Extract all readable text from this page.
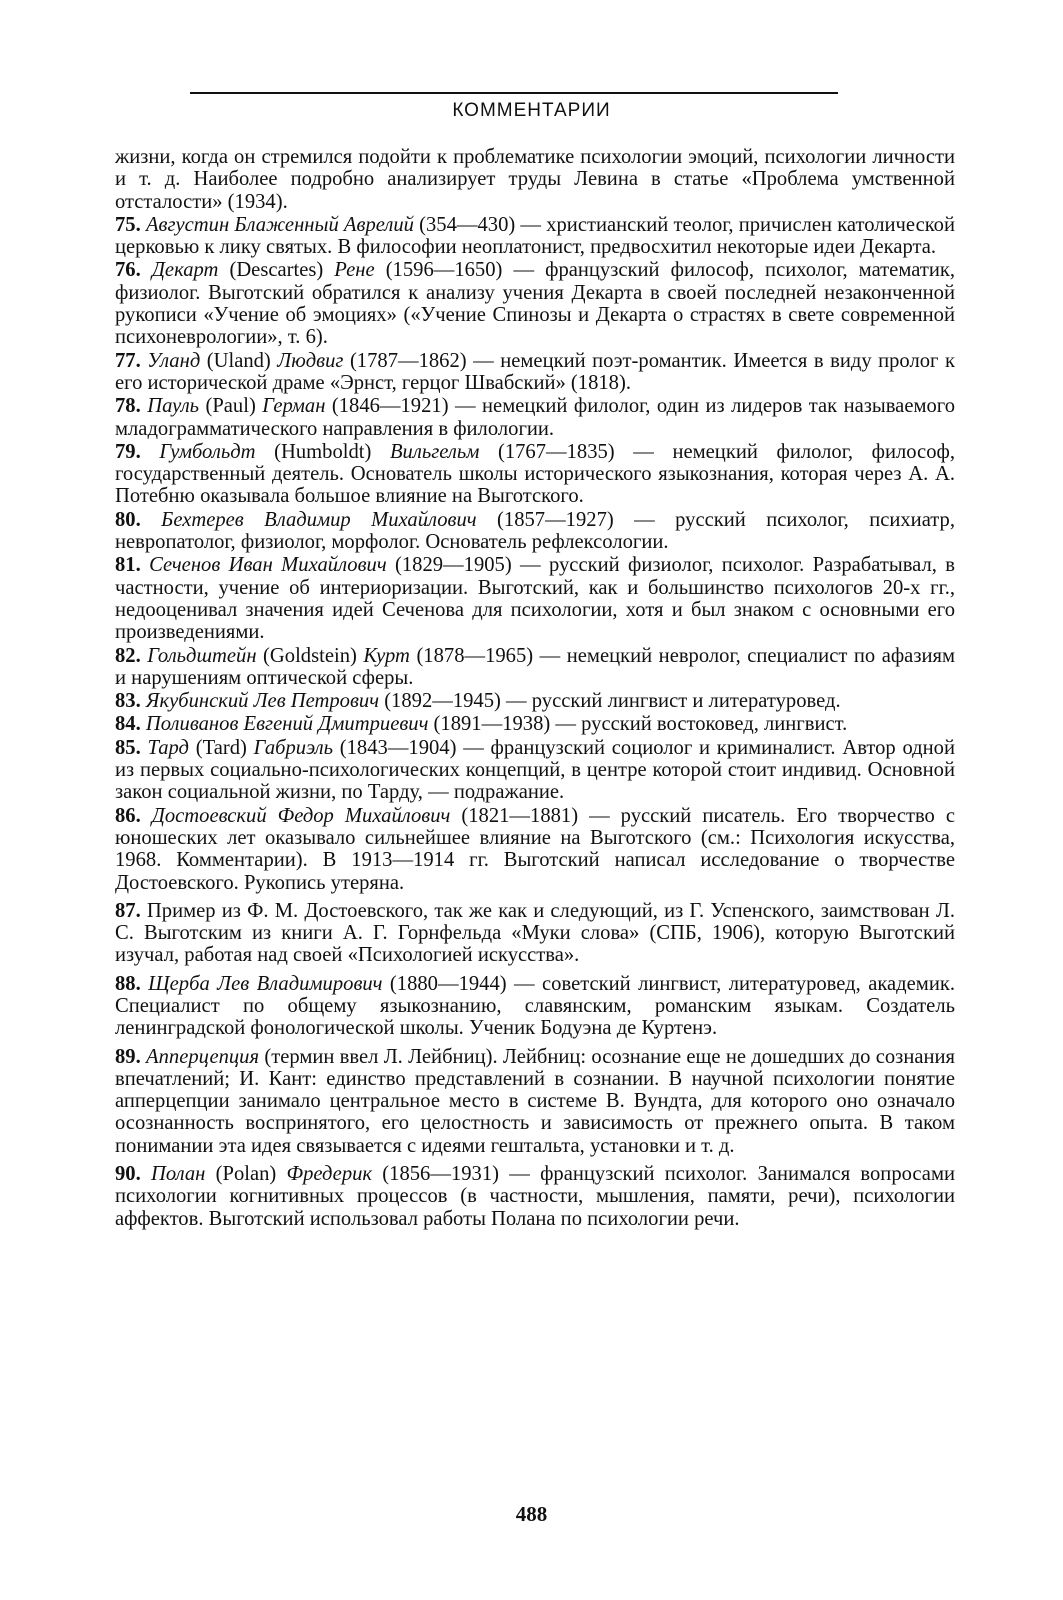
КОММЕНТАРИИ

жизни, когда он стремился подойти к проблематике психологии эмоций, психологии личности и т. д. Наиболее подробно анализирует труды Левина в статье «Проблема умственной отсталости» (1934).

75. Августин Блаженный Аврелий (354—430) — христианский теолог, причислен католической церковью к лику святых. В философии неоплатонист, предвосхитил некоторые идеи Декарта.

76. Декарт (Descartes) Рене (1596—1650) — французский философ, психолог, математик, физиолог. Выготский обратился к анализу учения Декарта в своей последней незаконченной рукописи «Учение об эмоциях» («Учение Спинозы и Декарта о страстях в свете современной психоневрологии», т. 6).

77. Уланд (Uland) Людвиг (1787—1862) — немецкий поэт-романтик. Имеется в виду пролог к его исторической драме «Эрнст, герцог Швабский» (1818).

78. Пауль (Paul) Герман (1846—1921) — немецкий филолог, один из лидеров так называемого младограмматического направления в филологии.

79. Гумбольдт (Humboldt) Вильгельм (1767—1835) — немецкий филолог, философ, государственный деятель. Основатель школы исторического языкознания, которая через А. А. Потебню оказывала большое влияние на Выготского.

80. Бехтерев Владимир Михайлович (1857—1927) — русский психолог, психиатр, невропатолог, физиолог, морфолог. Основатель рефлексологии.

81. Сеченов Иван Михайлович (1829—1905) — русский физиолог, психолог. Разрабатывал, в частности, учение об интериоризации. Выготский, как и большинство психологов 20-х гг., недооценивал значения идей Сеченова для психологии, хотя и был знаком с основными его произведениями.

82. Гольдштейн (Goldstein) Курт (1878—1965) — немецкий невролог, специалист по афазиям и нарушениям оптической сферы.

83. Якубинский Лев Петрович (1892—1945) — русский лингвист и литературовед.

84. Поливанов Евгений Дмитриевич (1891—1938) — русский востоковед, лингвист.

85. Тард (Tard) Габриэль (1843—1904) — французский социолог и криминалист. Автор одной из первых социально-психологических концепций, в центре которой стоит индивид. Основной закон социальной жизни, по Тарду, — подражание.

86. Достоевский Федор Михайлович (1821—1881) — русский писатель. Его творчество с юношеских лет оказывало сильнейшее влияние на Выготского (см.: Психология искусства, 1968. Комментарии). В 1913—1914 гг. Выготский написал исследование о творчестве Достоевского. Рукопись утеряна.

87. Пример из Ф. М. Достоевского, так же как и следующий, из Г. Успенского, заимствован Л. С. Выготским из книги А. Г. Горнфельда «Муки слова» (СПБ, 1906), которую Выготский изучал, работая над своей «Психологией искусства».

88. Щерба Лев Владимирович (1880—1944) — советский лингвист, литературовед, академик. Специалист по общему языкознанию, славянским, романским языкам. Создатель ленинградской фонологической школы. Ученик Бодуэна де Куртенэ.

89. Апперцепция (термин ввел Л. Лейбниц). Лейбниц: осознание еще не дошедших до сознания впечатлений; И. Кант: единство представлений в сознании. В научной психологии понятие апперцепции занимало центральное место в системе В. Вундта, для которого оно означало осознанность воспринятого, его целостность и зависимость от прежнего опыта. В таком понимании эта идея связывается с идеями гештальта, установки и т. д.

90. Полан (Polan) Фредерик (1856—1931) — французский психолог. Занимался вопросами психологии когнитивных процессов (в частности, мышления, памяти, речи), психологии аффектов. Выготский использовал работы Полана по психологии речи.

488
